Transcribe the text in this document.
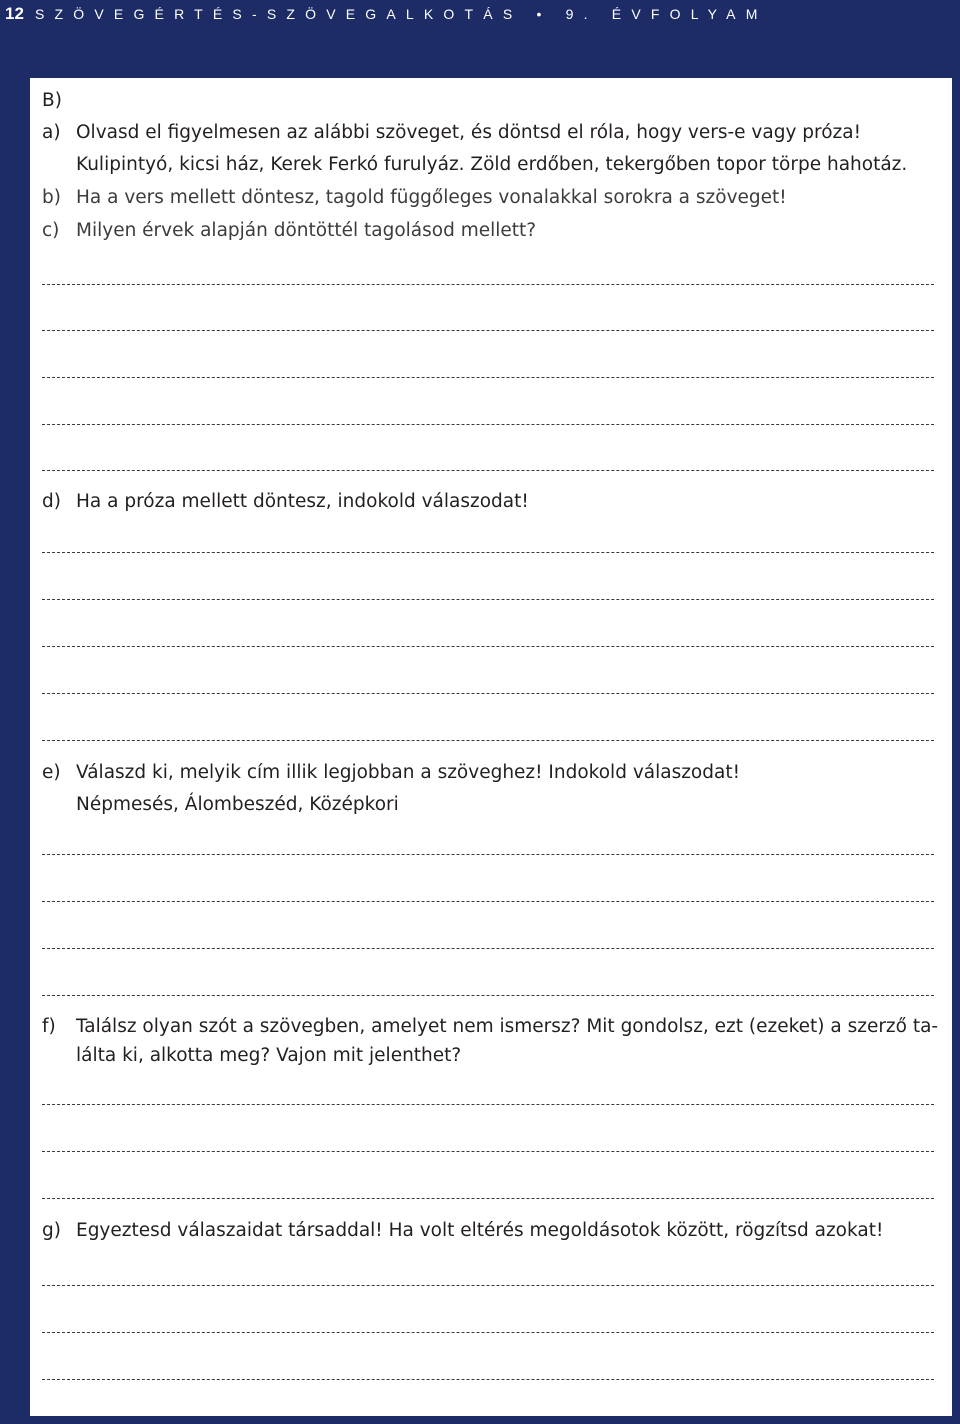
12 SZÖVEGÉRTÉS-SZÖVEGALKOTÁS • 9. ÉVFOLYAM

B)

a) Olvasd el figyelmesen az alábbi szöveget, és döntsd el róla, hogy vers-e vagy próza!

Kulipintyó, kicsi ház, Kerek Ferkó furulyáz. Zöld erdőben, tekergőben topor törpe hahotáz.

b) Ha a vers mellett döntesz, tagold függőleges vonalakkal sorokra a szöveget!

c) Milyen érvek alapján döntöttél tagolásod mellett?

d) Ha a próza mellett döntesz, indokold válaszodat!

e) Válaszd ki, melyik cím illik legjobban a szöveghez! Indokold válaszodat!

Népmesés, Álombeszéd, Középkori

f) Találsz olyan szót a szövegben, amelyet nem ismersz? Mit gondolsz, ezt (ezeket) a szerző ta-

lálta ki, alkotta meg? Vajon mit jelenthet?

g) Egyeztesd válaszaidat társaddal! Ha volt eltérés megoldásotok között, rögzítsd azokat!
